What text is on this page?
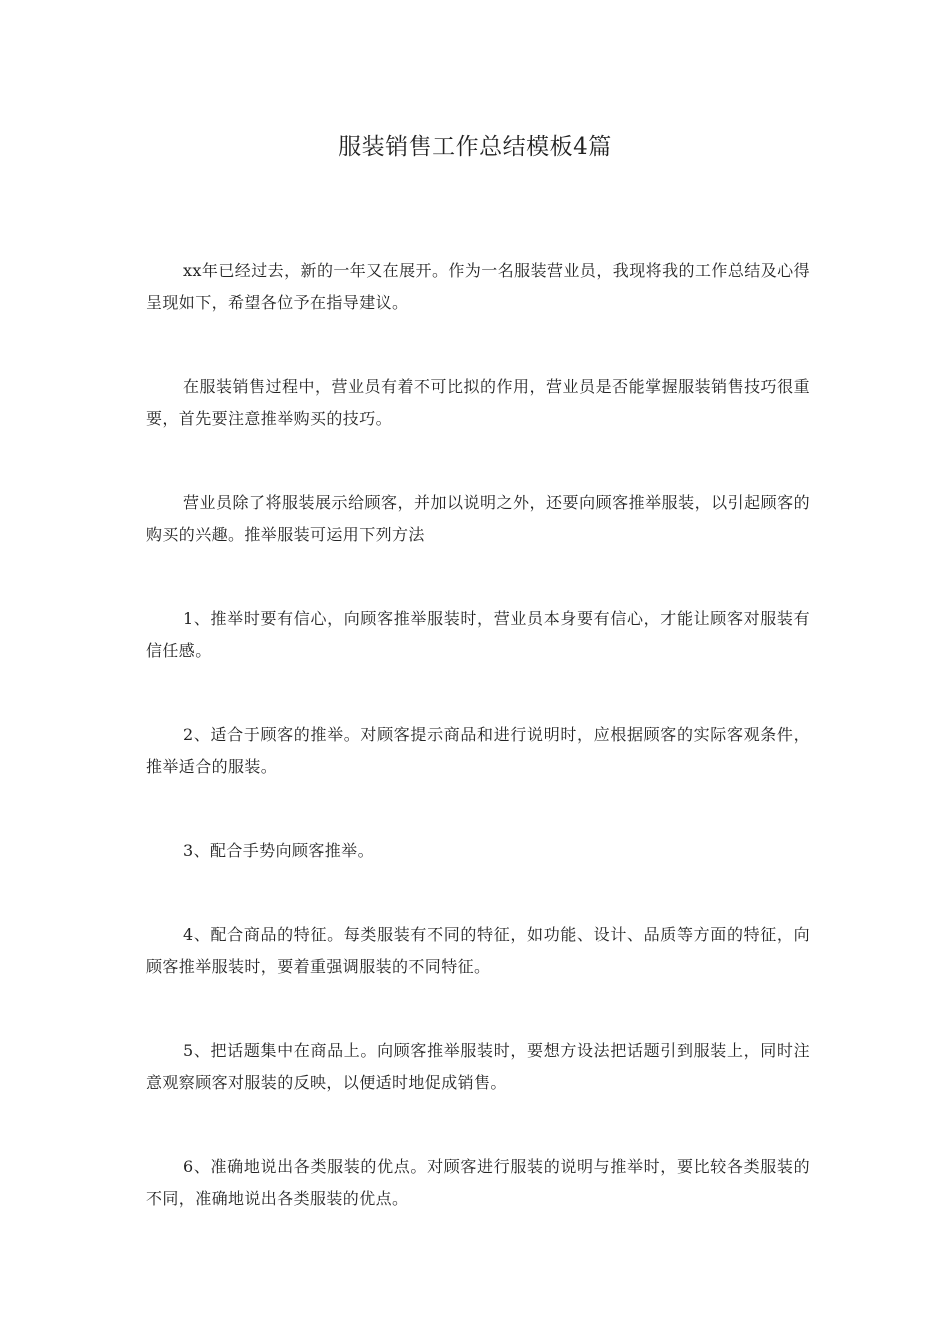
服装销售工作总结模板4篇

xx年已经过去，新的一年又在展开。作为一名服装营业员，我现将我的工作总结及心得呈现如下，希望各位予在指导建议。

在服装销售过程中，营业员有着不可比拟的作用，营业员是否能掌握服装销售技巧很重要，首先要注意推举购买的技巧。

营业员除了将服装展示给顾客，并加以说明之外，还要向顾客推举服装，以引起顾客的购买的兴趣。推举服装可运用下列方法

1、推举时要有信心，向顾客推举服装时，营业员本身要有信心，才能让顾客对服装有信任感。

2、适合于顾客的推举。对顾客提示商品和进行说明时，应根据顾客的实际客观条件，推举适合的服装。

3、配合手势向顾客推举。

4、配合商品的特征。每类服装有不同的特征，如功能、设计、品质等方面的特征，向顾客推举服装时，要着重强调服装的不同特征。

5、把话题集中在商品上。向顾客推举服装时，要想方设法把话题引到服装上，同时注意观察顾客对服装的反映，以便适时地促成销售。

6、准确地说出各类服装的优点。对顾客进行服装的说明与推举时，要比较各类服装的不同，准确地说出各类服装的优点。
